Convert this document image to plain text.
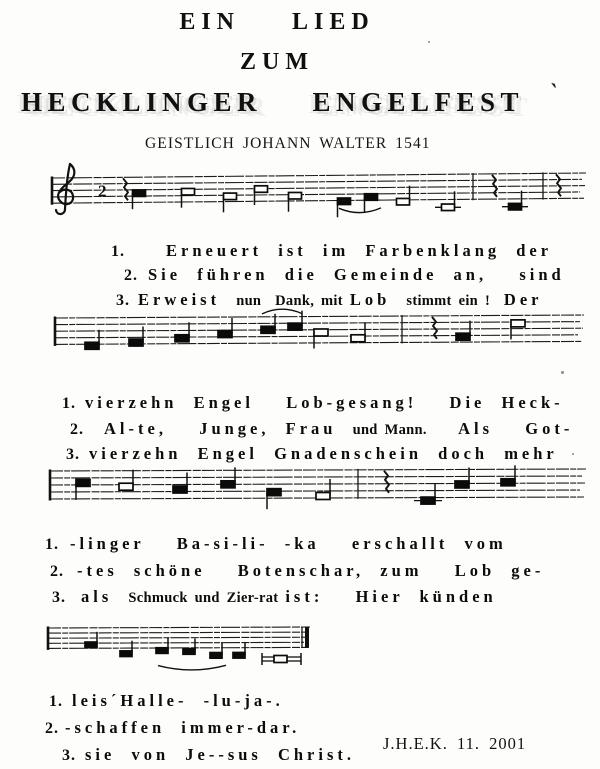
EIN  LIED
ZUM
HECKLINGER  ENGELFEST ˋ
GEISTLICH JOHANN WALTER 1541
2

1. Erneuert ist im Farbenklang der

2. Sie führen die Gemeinde an,  sind

3. Erweist nun  Dank, mit Lob stimmt ein !  Der

1. vierzehn Engel  Lob-gesang!  Die Heck-

2. Al-te,  Junge, Frau und Mann.  Als  Got-

3. vierzehn Engel Gnadenschein doch mehr

1. -linger  Ba-si-li- -ka  erschallt vom

2. -tes schöne  Botenschar, zum  Lob ge-

3. als Schmuck und Zier-rat ist:  Hier künden

1. leis´Halle- -lu-ja-.

2. -schaffen immer-dar.

3. sie von Je--sus Christ.

J.H.E.K. 11. 2001
